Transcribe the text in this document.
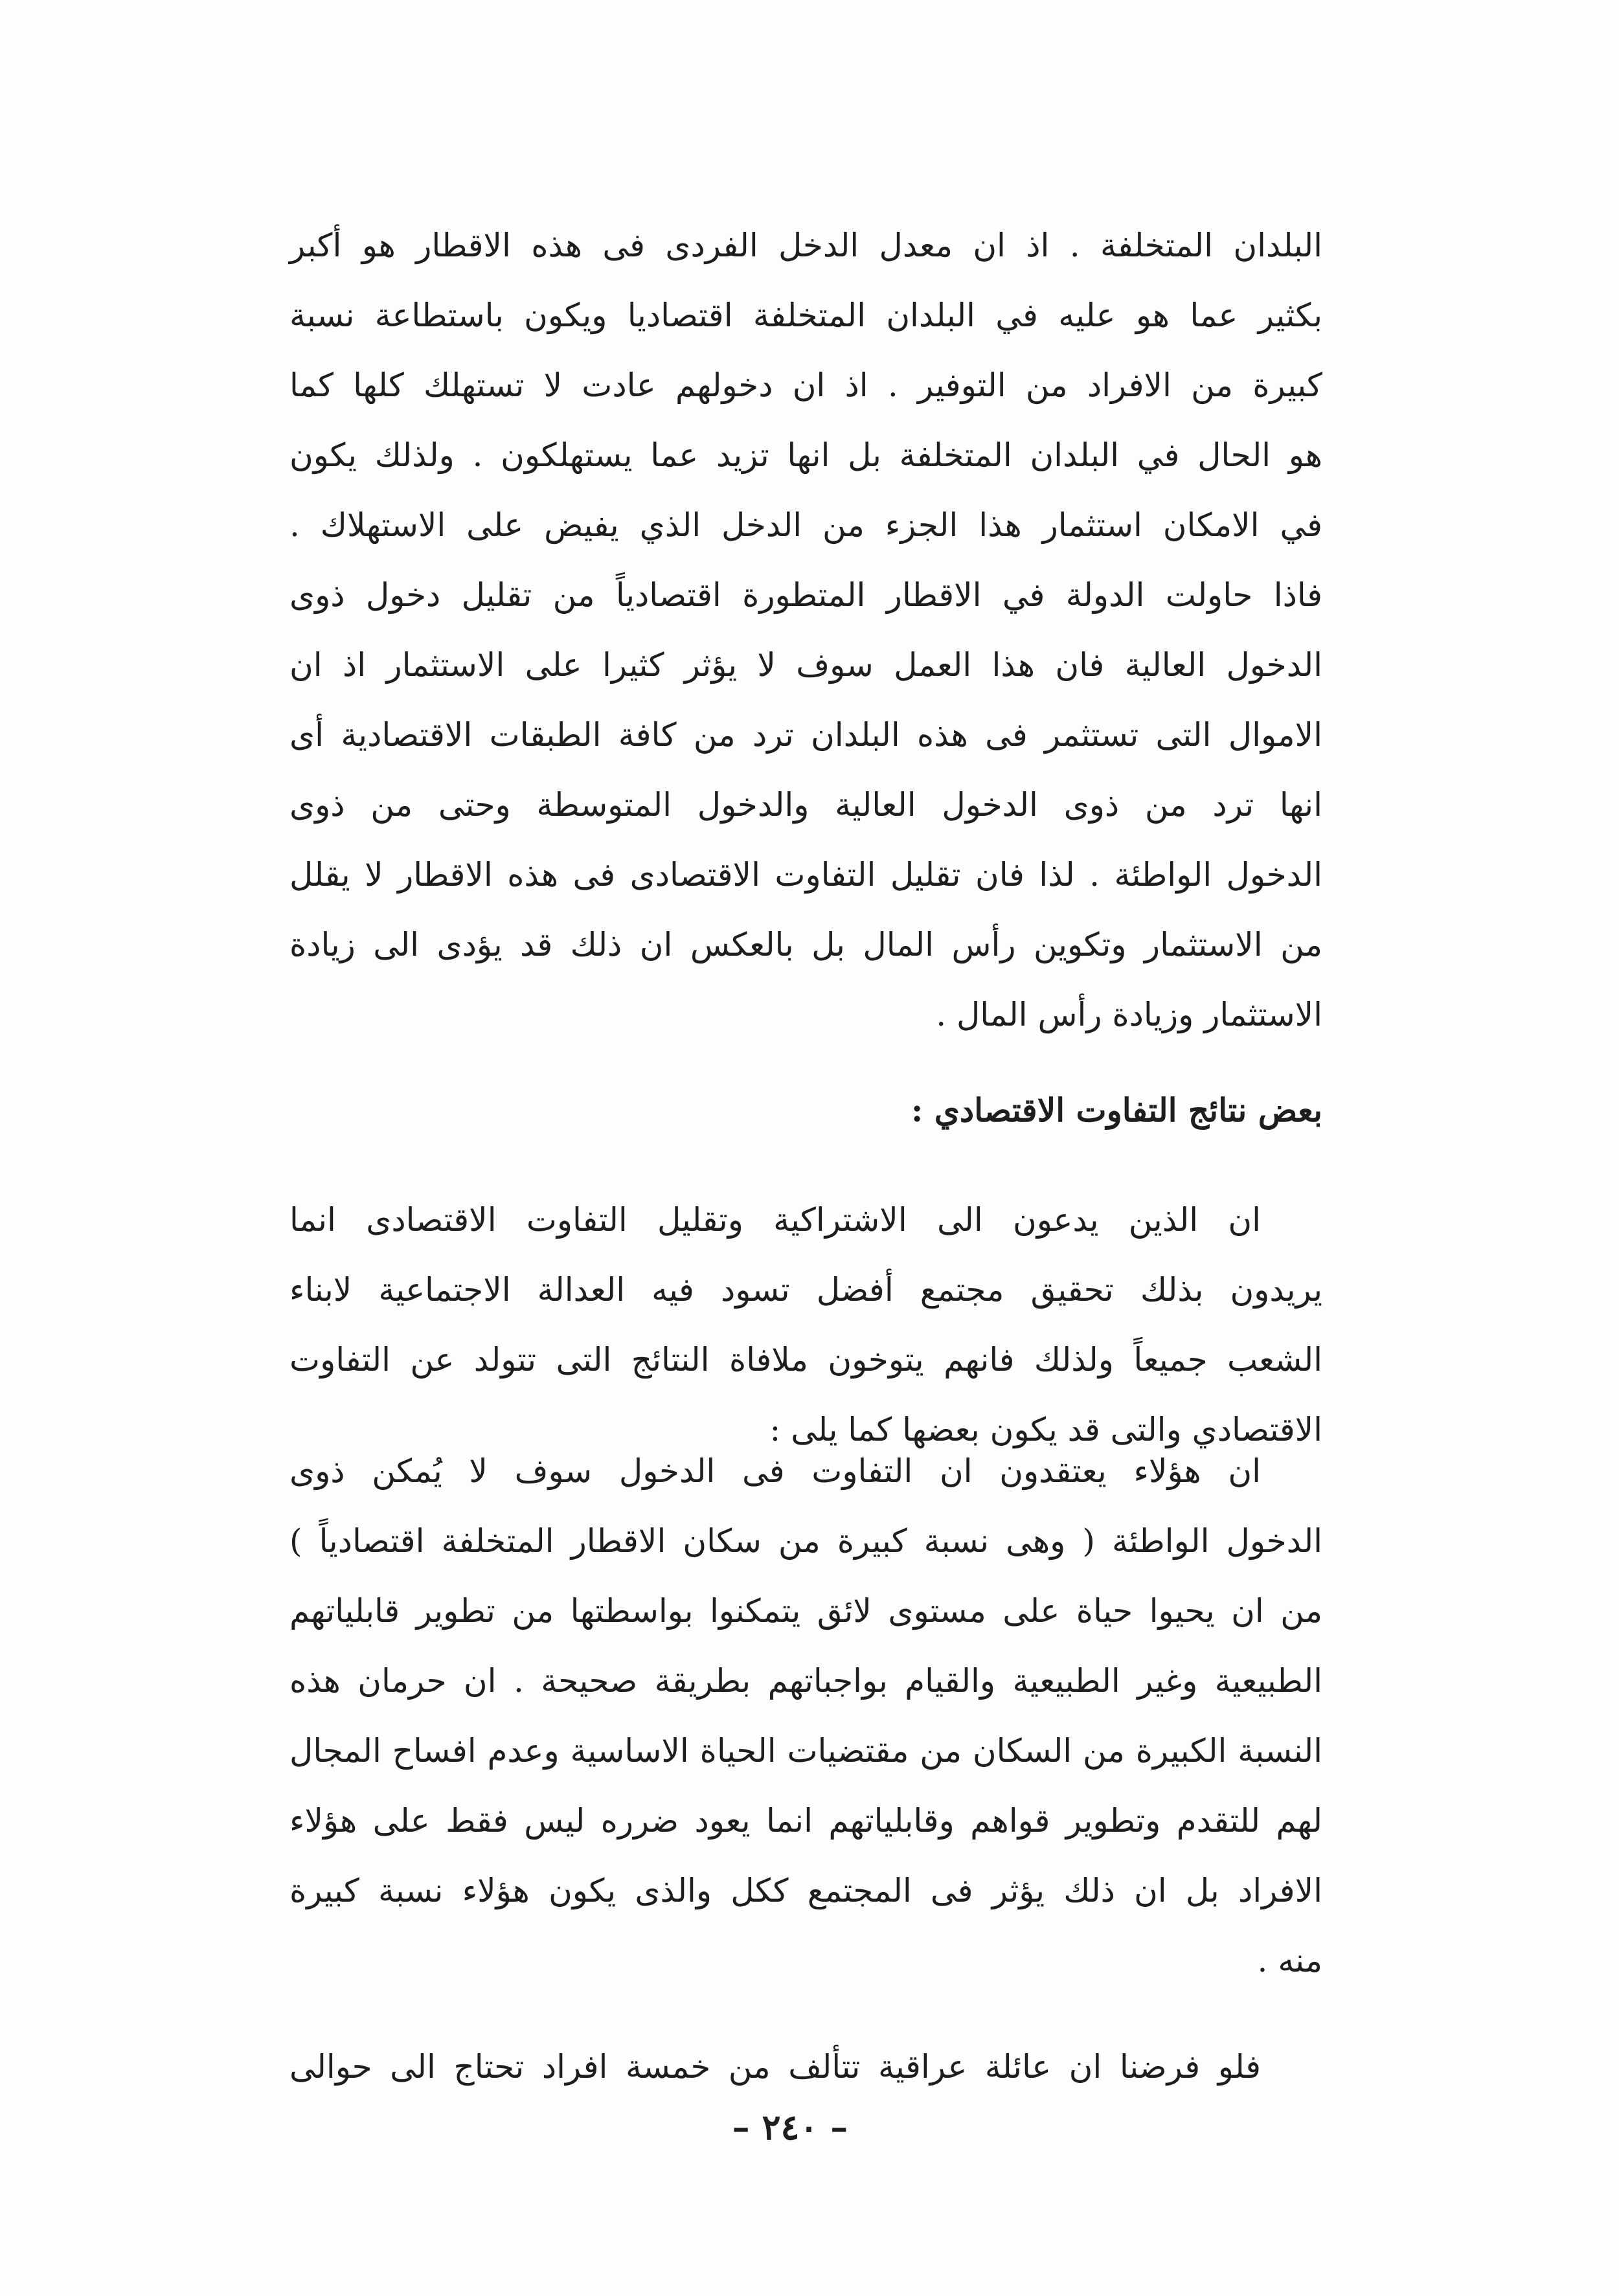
البلدان المتخلفة . اذ ان معدل الدخل الفردى فى هذه الاقطار هو أكبر
بكثير عما هو عليه في البلدان المتخلفة اقتصاديا ويكون باستطاعة نسبة
كبيرة من الافراد من التوفير . اذ ان دخولهم عادت لا تستهلك كلها كما
هو الحال في البلدان المتخلفة بل انها تزيد عما يستهلكون . ولذلك يكون
في الامكان استثمار هذا الجزء من الدخل الذي يفيض على الاستهلاك .
فاذا حاولت الدولة في الاقطار المتطورة اقتصادياً من تقليل دخول ذوى
الدخول العالية فان هذا العمل سوف لا يؤثر كثيرا على الاستثمار اذ ان
الاموال التى تستثمر فى هذه البلدان ترد من كافة الطبقات الاقتصادية أى
انها ترد من ذوى الدخول العالية والدخول المتوسطة وحتى من ذوى
الدخول الواطئة . لذا فان تقليل التفاوت الاقتصادى فى هذه الاقطار لا يقلل
من الاستثمار وتكوين رأس المال بل بالعكس ان ذلك قد يؤدى الى زيادة
الاستثمار وزيادة رأس المال .
بعض نتائج التفاوت الاقتصادي :
ان الذين يدعون الى الاشتراكية وتقليل التفاوت الاقتصادى انما
يريدون بذلك تحقيق مجتمع أفضل تسود فيه العدالة الاجتماعية لابناء
الشعب جميعاً ولذلك فانهم يتوخون ملافاة النتائج التى تتولد عن التفاوت
الاقتصادي والتى قد يكون بعضها كما يلى :
ان هؤلاء يعتقدون ان التفاوت فى الدخول سوف لا يُمكن ذوى
الدخول الواطئة ( وهى نسبة كبيرة من سكان الاقطار المتخلفة اقتصادياً )
من ان يحيوا حياة على مستوى لائق يتمكنوا بواسطتها من تطوير قابلياتهم
الطبيعية وغير الطبيعية والقيام بواجباتهم بطريقة صحيحة . ان حرمان هذه
النسبة الكبيرة من السكان من مقتضيات الحياة الاساسية وعدم افساح المجال
لهم للتقدم وتطوير قواهم وقابلياتهم انما يعود ضرره ليس فقط على هؤلاء
الافراد بل ان ذلك يؤثر فى المجتمع ككل والذى يكون هؤلاء نسبة كبيرة
منه .
فلو فرضنا ان عائلة عراقية تتألف من خمسة افراد تحتاج الى حوالى
– ٢٤٠ –
